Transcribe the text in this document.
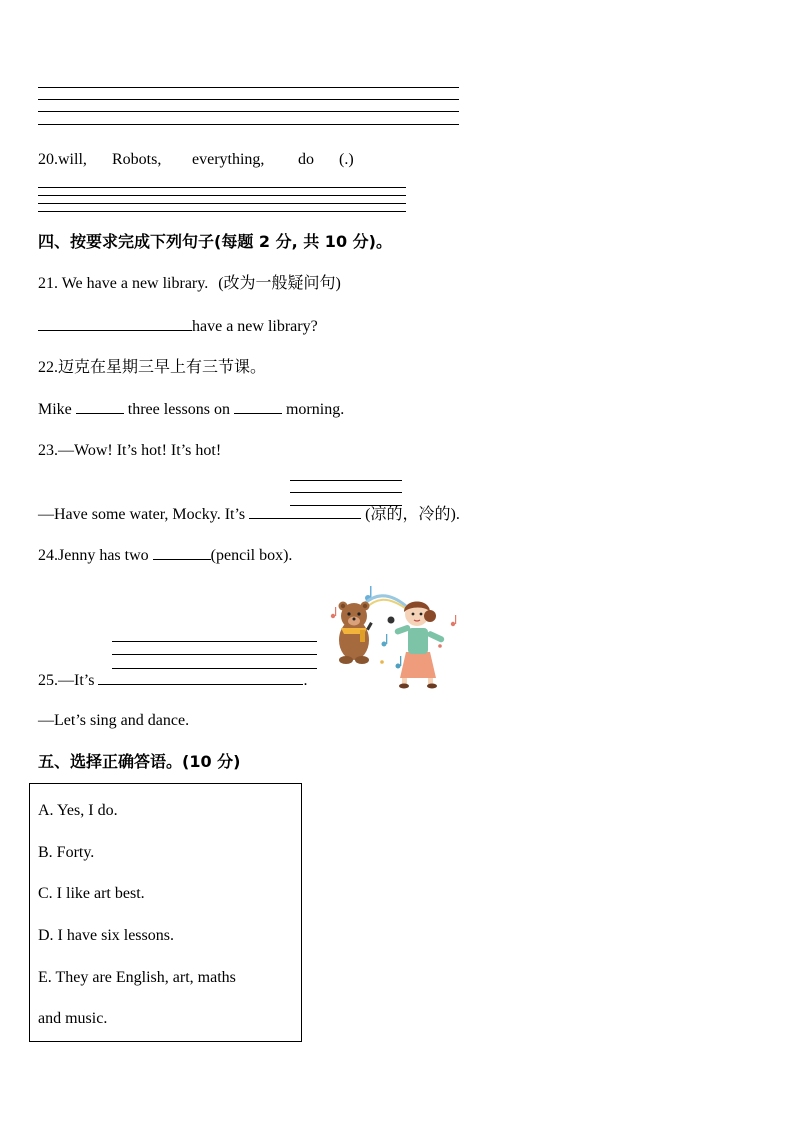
20.will, Robots, everything, do (.)
四、按要求完成下列句子(每题 2 分, 共 10 分)。
21. We have a new library. (改为一般疑问句)
have a new library?
22.迈克在星期三早上有三节课。
Mike	three lessons on	morning.
23.—Wow! It’s hot! It’s hot!
—Have some water, Mocky. It’s	(凉的，冷的).
24.Jenny has two	(pencil box).
25.—It’s	.
—Let’s sing and dance.
五、选择正确答语。(10 分)
A. Yes, I do.
B. Forty.
C. I like art best.
D. I have six lessons.
E. They are English, art, maths
and music.
